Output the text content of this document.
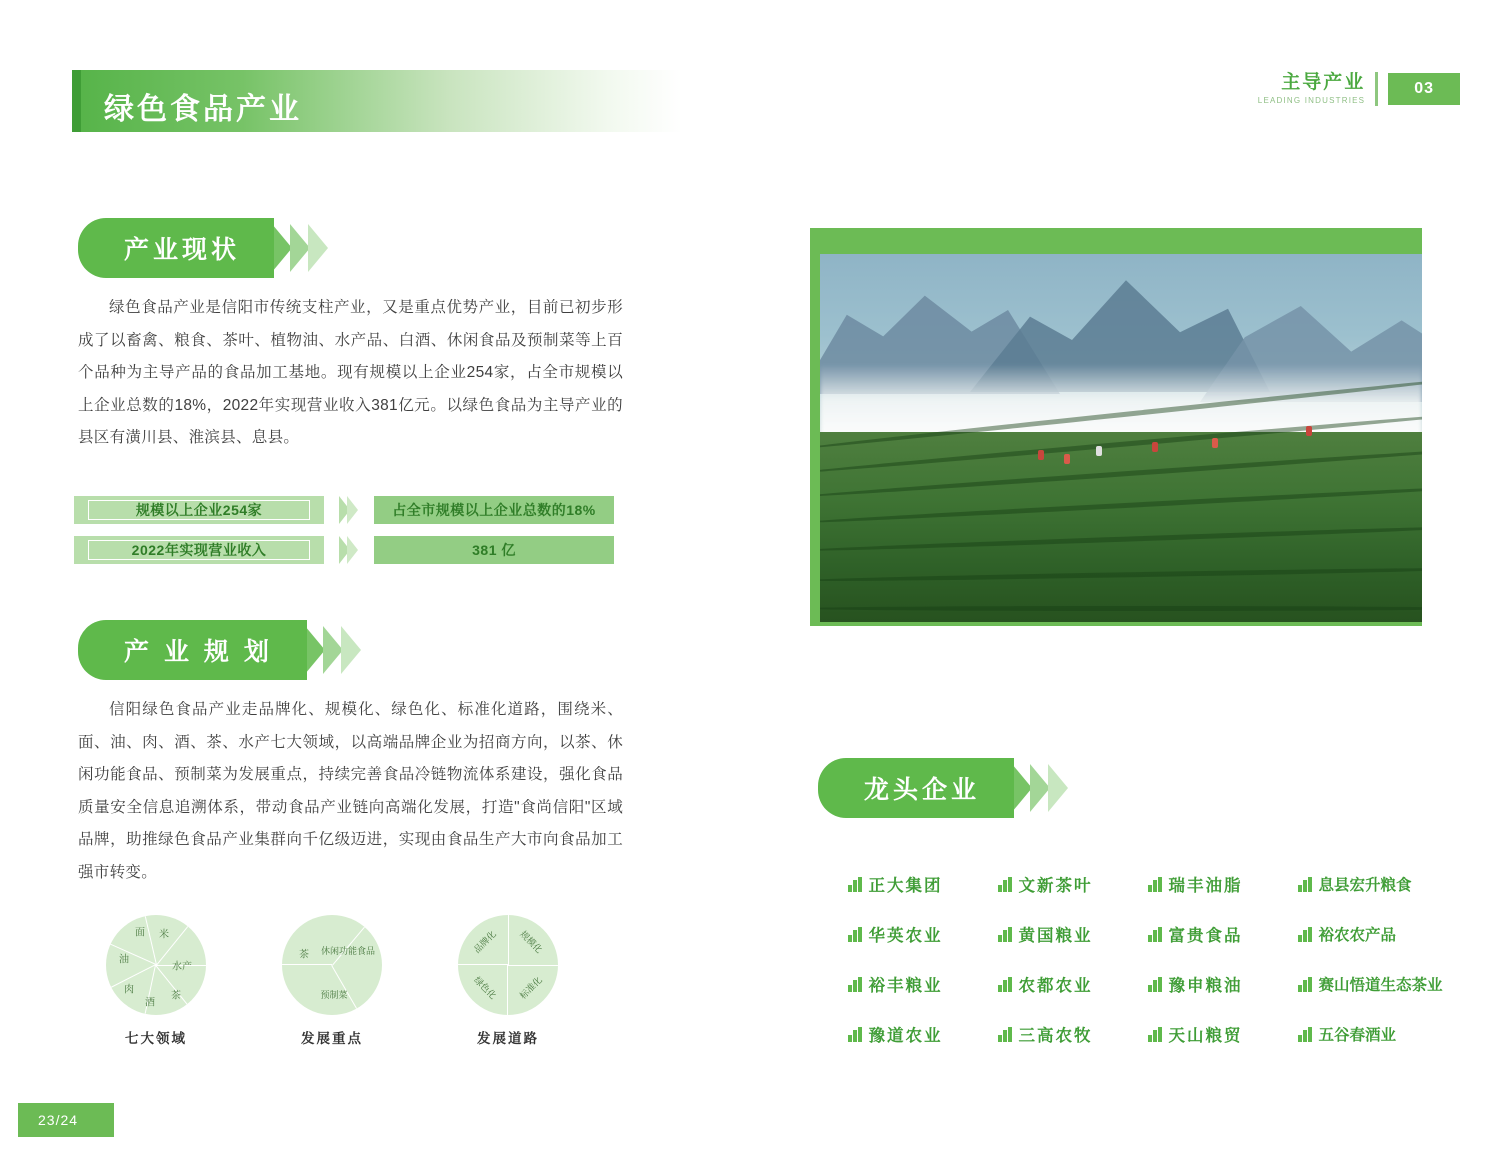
绿色食品产业
主导产业
LEADING INDUSTRIES
03
产业现状
绿色食品产业是信阳市传统支柱产业，又是重点优势产业，目前已初步形成了以畜禽、粮食、茶叶、植物油、水产品、白酒、休闲食品及预制菜等上百个品种为主导产品的食品加工基地。现有规模以上企业254家，占全市规模以上企业总数的18%，2022年实现营业收入381亿元。以绿色食品为主导产业的县区有潢川县、淮滨县、息县。
规模以上企业254家	占全市规模以上企业总数的18%
2022年实现营业收入	381 亿
产 业 规 划
信阳绿色食品产业走品牌化、规模化、绿色化、标准化道路，围绕米、面、油、肉、酒、茶、水产七大领域，以高端品牌企业为招商方向，以茶、休闲功能食品、预制菜为发展重点，持续完善食品冷链物流体系建设，强化食品质量安全信息追溯体系，带动食品产业链向高端化发展，打造"食尚信阳"区域品牌，助推绿色食品产业集群向千亿级迈进，实现由食品生产大市向食品加工强市转变。
米
水产
茶
酒
肉
油
面
七大领域
茶 休闲功能食品
预制菜
发展重点
品牌化 规模化
标准化
绿色化
发展道路
龙头企业
正大集团	文新茶叶	瑞丰油脂	息县宏升粮食
华英农业	黄国粮业	富贵食品	裕农农产品
裕丰粮业	农都农业	豫申粮油	赛山悟道生态茶业
豫道农业	三高农牧	天山粮贸	五谷春酒业
23/24
